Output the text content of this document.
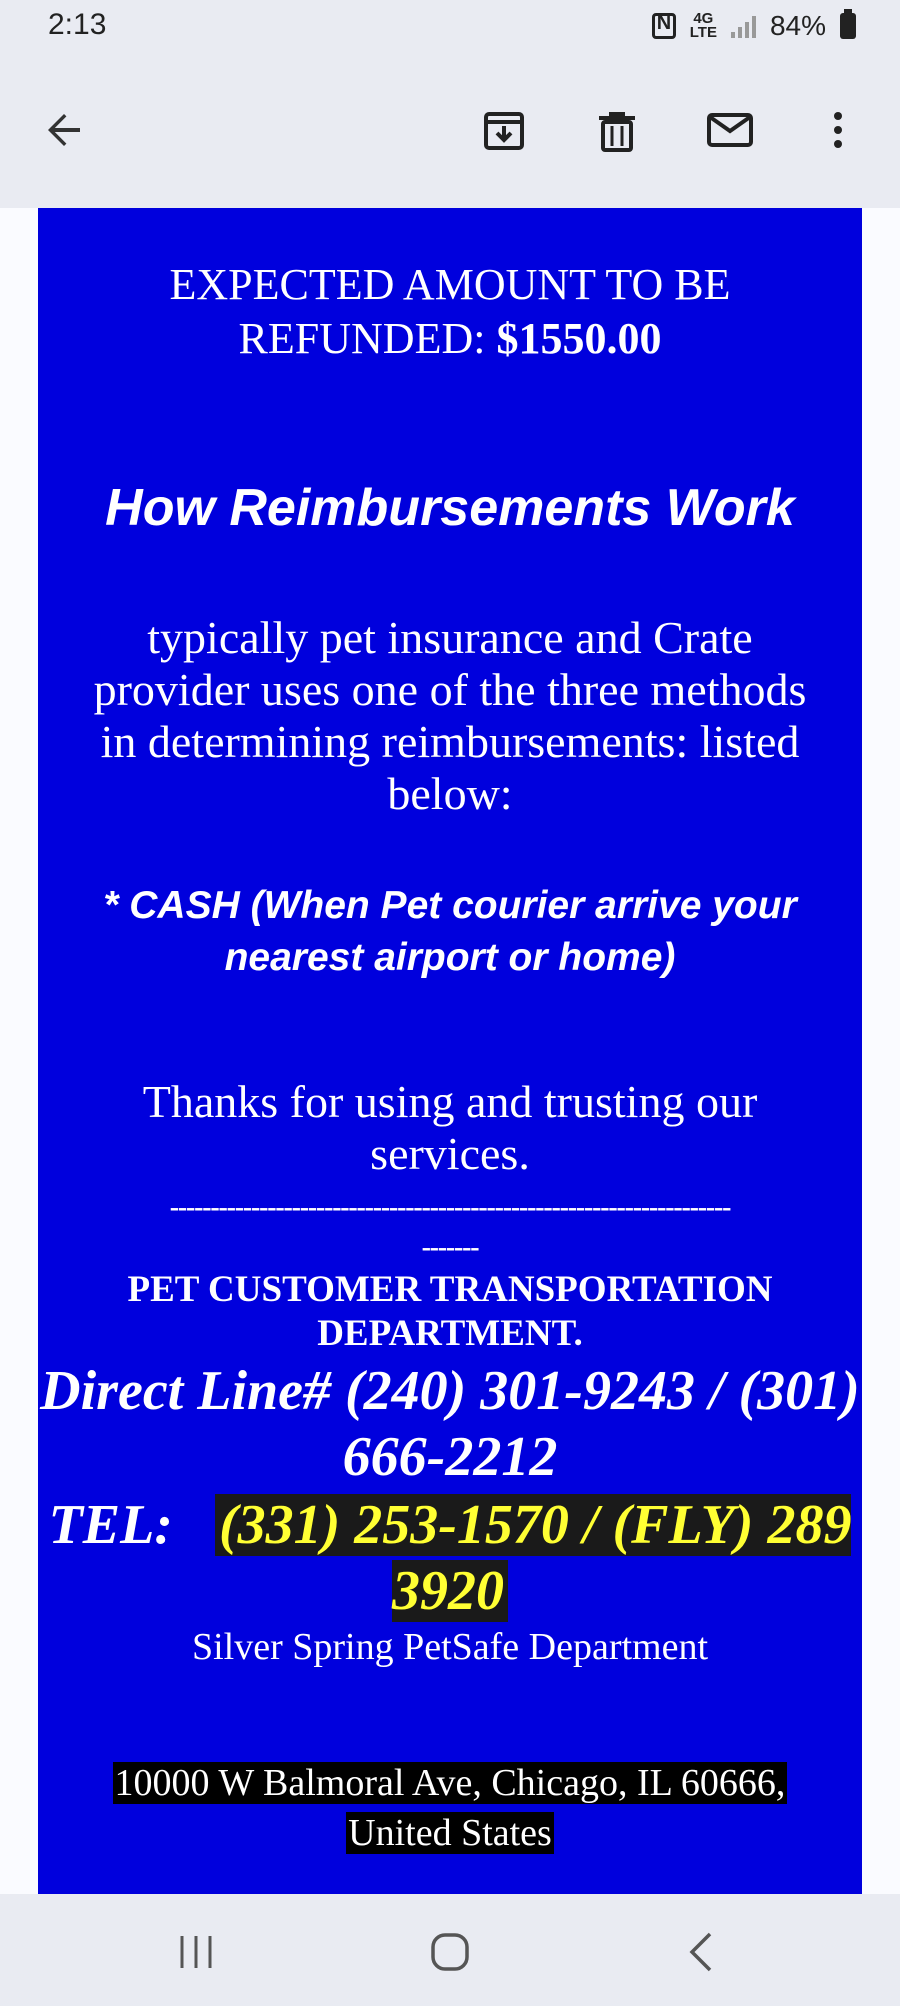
2:13
N	4G
LTE 84%
EXPECTED AMOUNT TO BE
REFUNDED: $1550.00
How Reimbursements Work
typically pet insurance and Crate provider uses one of the three methods in determining reimbursements: listed below:
* CASH (When Pet courier arrive your nearest airport or home)
Thanks for using and trusting our services.
---------------------------------------------------------------------
-------
PET CUSTOMER TRANSPORTATION DEPARTMENT.
Direct Line# (240) 301-9243 / (301) 666-2212
TEL: (331) 253-1570 / (FLY) 289 3920
Silver Spring PetSafe Department
10000 W Balmoral Ave, Chicago, IL 60666,
United States
